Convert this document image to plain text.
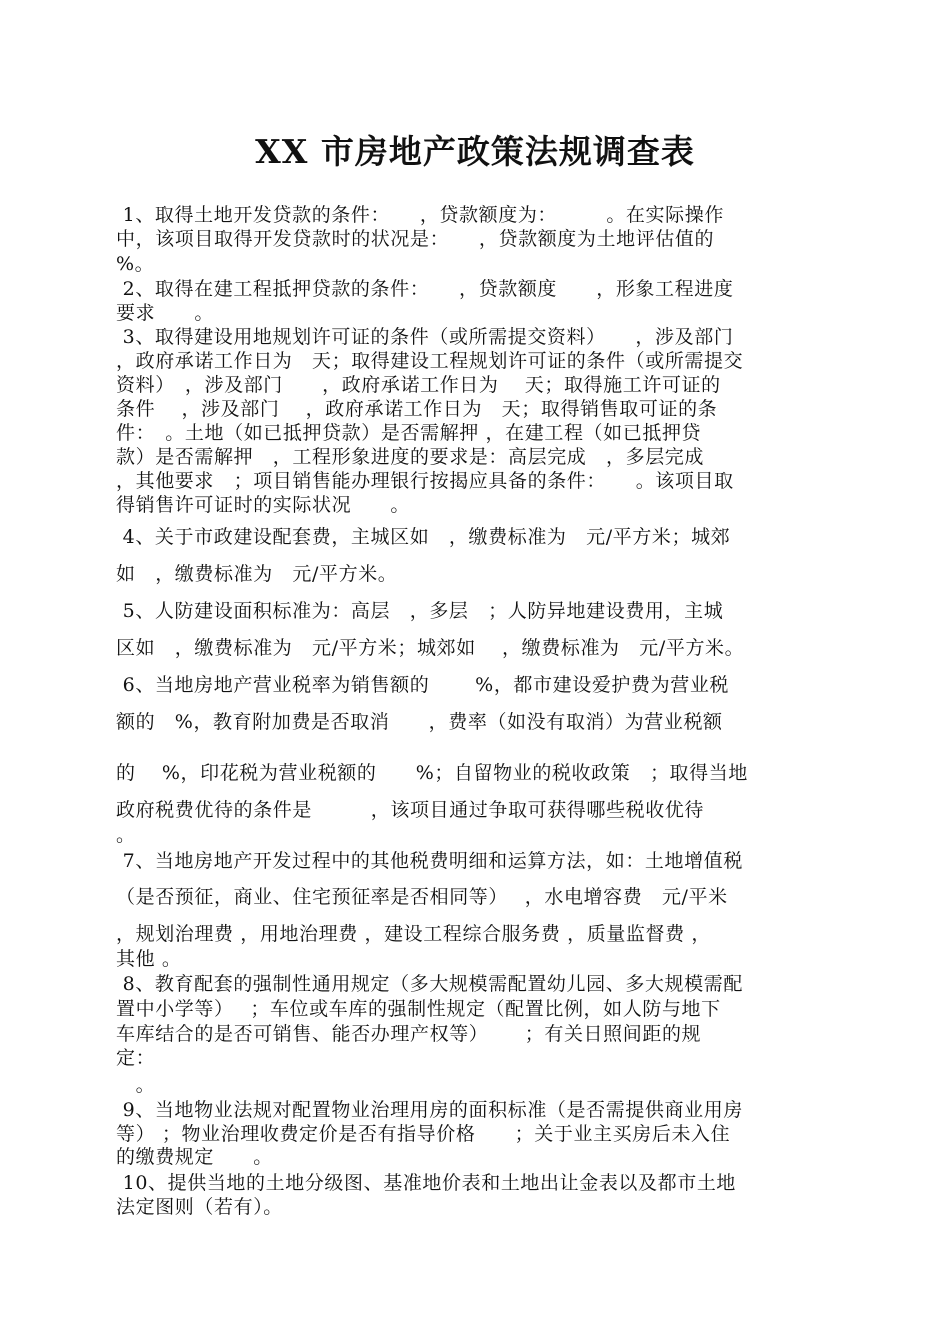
XX 市房地产政策法规调查表
1、取得土地开发贷款的条件：　　，贷款额度为：　　　。在实际操作
中，该项目取得开发贷款时的状况是：　　，贷款额度为土地评估值的
%。
2、取得在建工程抵押贷款的条件：　　，贷款额度　　，形象工程进度
要求　　。
3、取得建设用地规划许可证的条件（或所需提交资料）　　，涉及部门
，政府承诺工作日为　天；取得建设工程规划许可证的条件（或所需提交
资料）　，涉及部门　　，政府承诺工作日为　 天；取得施工许可证的
条件　 ，涉及部门　 ，政府承诺工作日为　天；取得销售取可证的条
件：　。土地（如已抵押贷款）是否需解押 ，在建工程（如已抵押贷
款）是否需解押　，工程形象进度的要求是：高层完成　，多层完成
，其他要求　；项目销售能办理银行按揭应具备的条件：　　。该项目取
得销售许可证时的实际状况　　。
4、关于市政建设配套费，主城区如　，缴费标准为　元/平方米；城郊
如　，缴费标准为　元/平方米。
5、人防建设面积标准为：高层　，多层　；人防异地建设费用，主城
区如　，缴费标准为　元/平方米；城郊如　 ，缴费标准为　元/平方米。
6、当地房地产营业税率为销售额的　　 %，都市建设爱护费为营业税
额的　%，教育附加费是否取消　　，费率（如没有取消）为营业税额
的　 %，印花税为营业税额的　　%；自留物业的税收政策　；取得当地
政府税费优待的条件是　　　，该项目通过争取可获得哪些税收优待
。
7、当地房地产开发过程中的其他税费明细和运算方法，如：土地增值税
（是否预征，商业、住宅预征率是否相同等）　 ，水电增容费　元/平米
，规划治理费 ，用地治理费 ，建设工程综合服务费 ，质量监督费 ，
其他 。
8、教育配套的强制性通用规定（多大规模需配置幼儿园、多大规模需配
置中小学等）　 ；车位或车库的强制性规定（配置比例，如人防与地下
车库结合的是否可销售、能否办理产权等）　　 ；有关日照间距的规
定：
　。
9、当地物业法规对配置物业治理用房的面积标准（是否需提供商业用房
等） ；物业治理收费定价是否有指导价格　　；关于业主买房后未入住
的缴费规定　　。
10、提供当地的土地分级图、基准地价表和土地出让金表以及都市土地
法定图则（若有）。
